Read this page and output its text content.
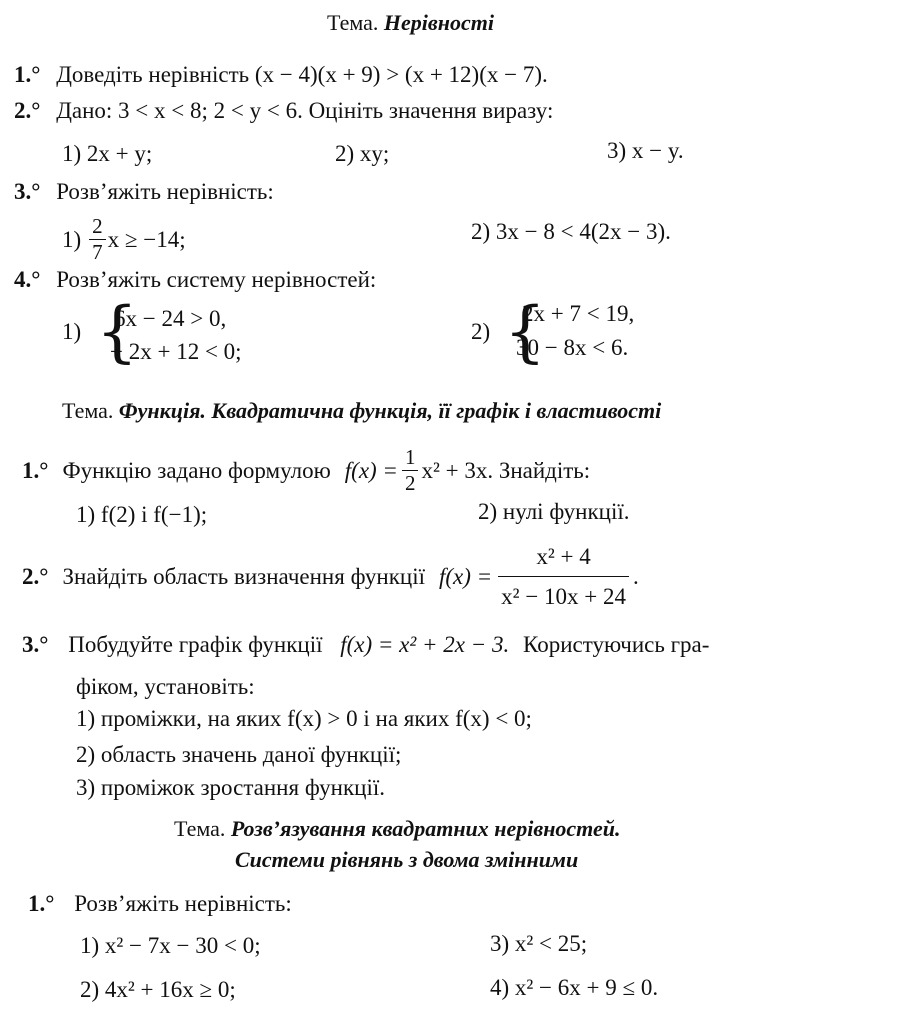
Тема. Нерівності
1.° Доведіть нерівність (x − 4)(x + 9) > (x + 12)(x − 7).
2.° Дано: 3 < x < 8; 2 < y < 6. Оцініть значення виразу:
1) 2x + y;	2) xy;	3) x − y.
3.° Розв’яжіть нерівність:
$1) \frac{2}{7}$ x ≥ −14;	2) 3x − 8 < 4(2x − 3).
4.° Розв’яжіть систему нерівностей:
1) {
6x − 24 > 0,
− 2x + 12 < 0;
2) {
2x + 7 < 19,
30 − 8x < 6.
Тема. Функція. Квадратична функція, її графік і властивості
1.° Функцію задано формулою $f(x) = \frac{1}{2} x^2 + 3x$. Знайдіть:
1) f(2) і f(−1);	2) нулі функції.
2.° Знайдіть область визначення функції $f(x) = \frac{\text{x² + 4}}{\text{x² − 10x + 24}}$ .
3.° Побудуйте графік функції f(x) = x² + 2x − 3. Користуючись гра-
фіком, установіть:
1) проміжки, на яких f(x) > 0 і на яких f(x) < 0;
2) область значень даної функції;
3) проміжок зростання функції.
Тема. Розв’язування квадратних нерівностей.
Системи рівнянь з двома змінними
1.° Розв’яжіть нерівність:
1) x² − 7x − 30 < 0;	3) x² < 25;
2) 4x² + 16x ≥ 0;	4) x² − 6x + 9 ≤ 0.
